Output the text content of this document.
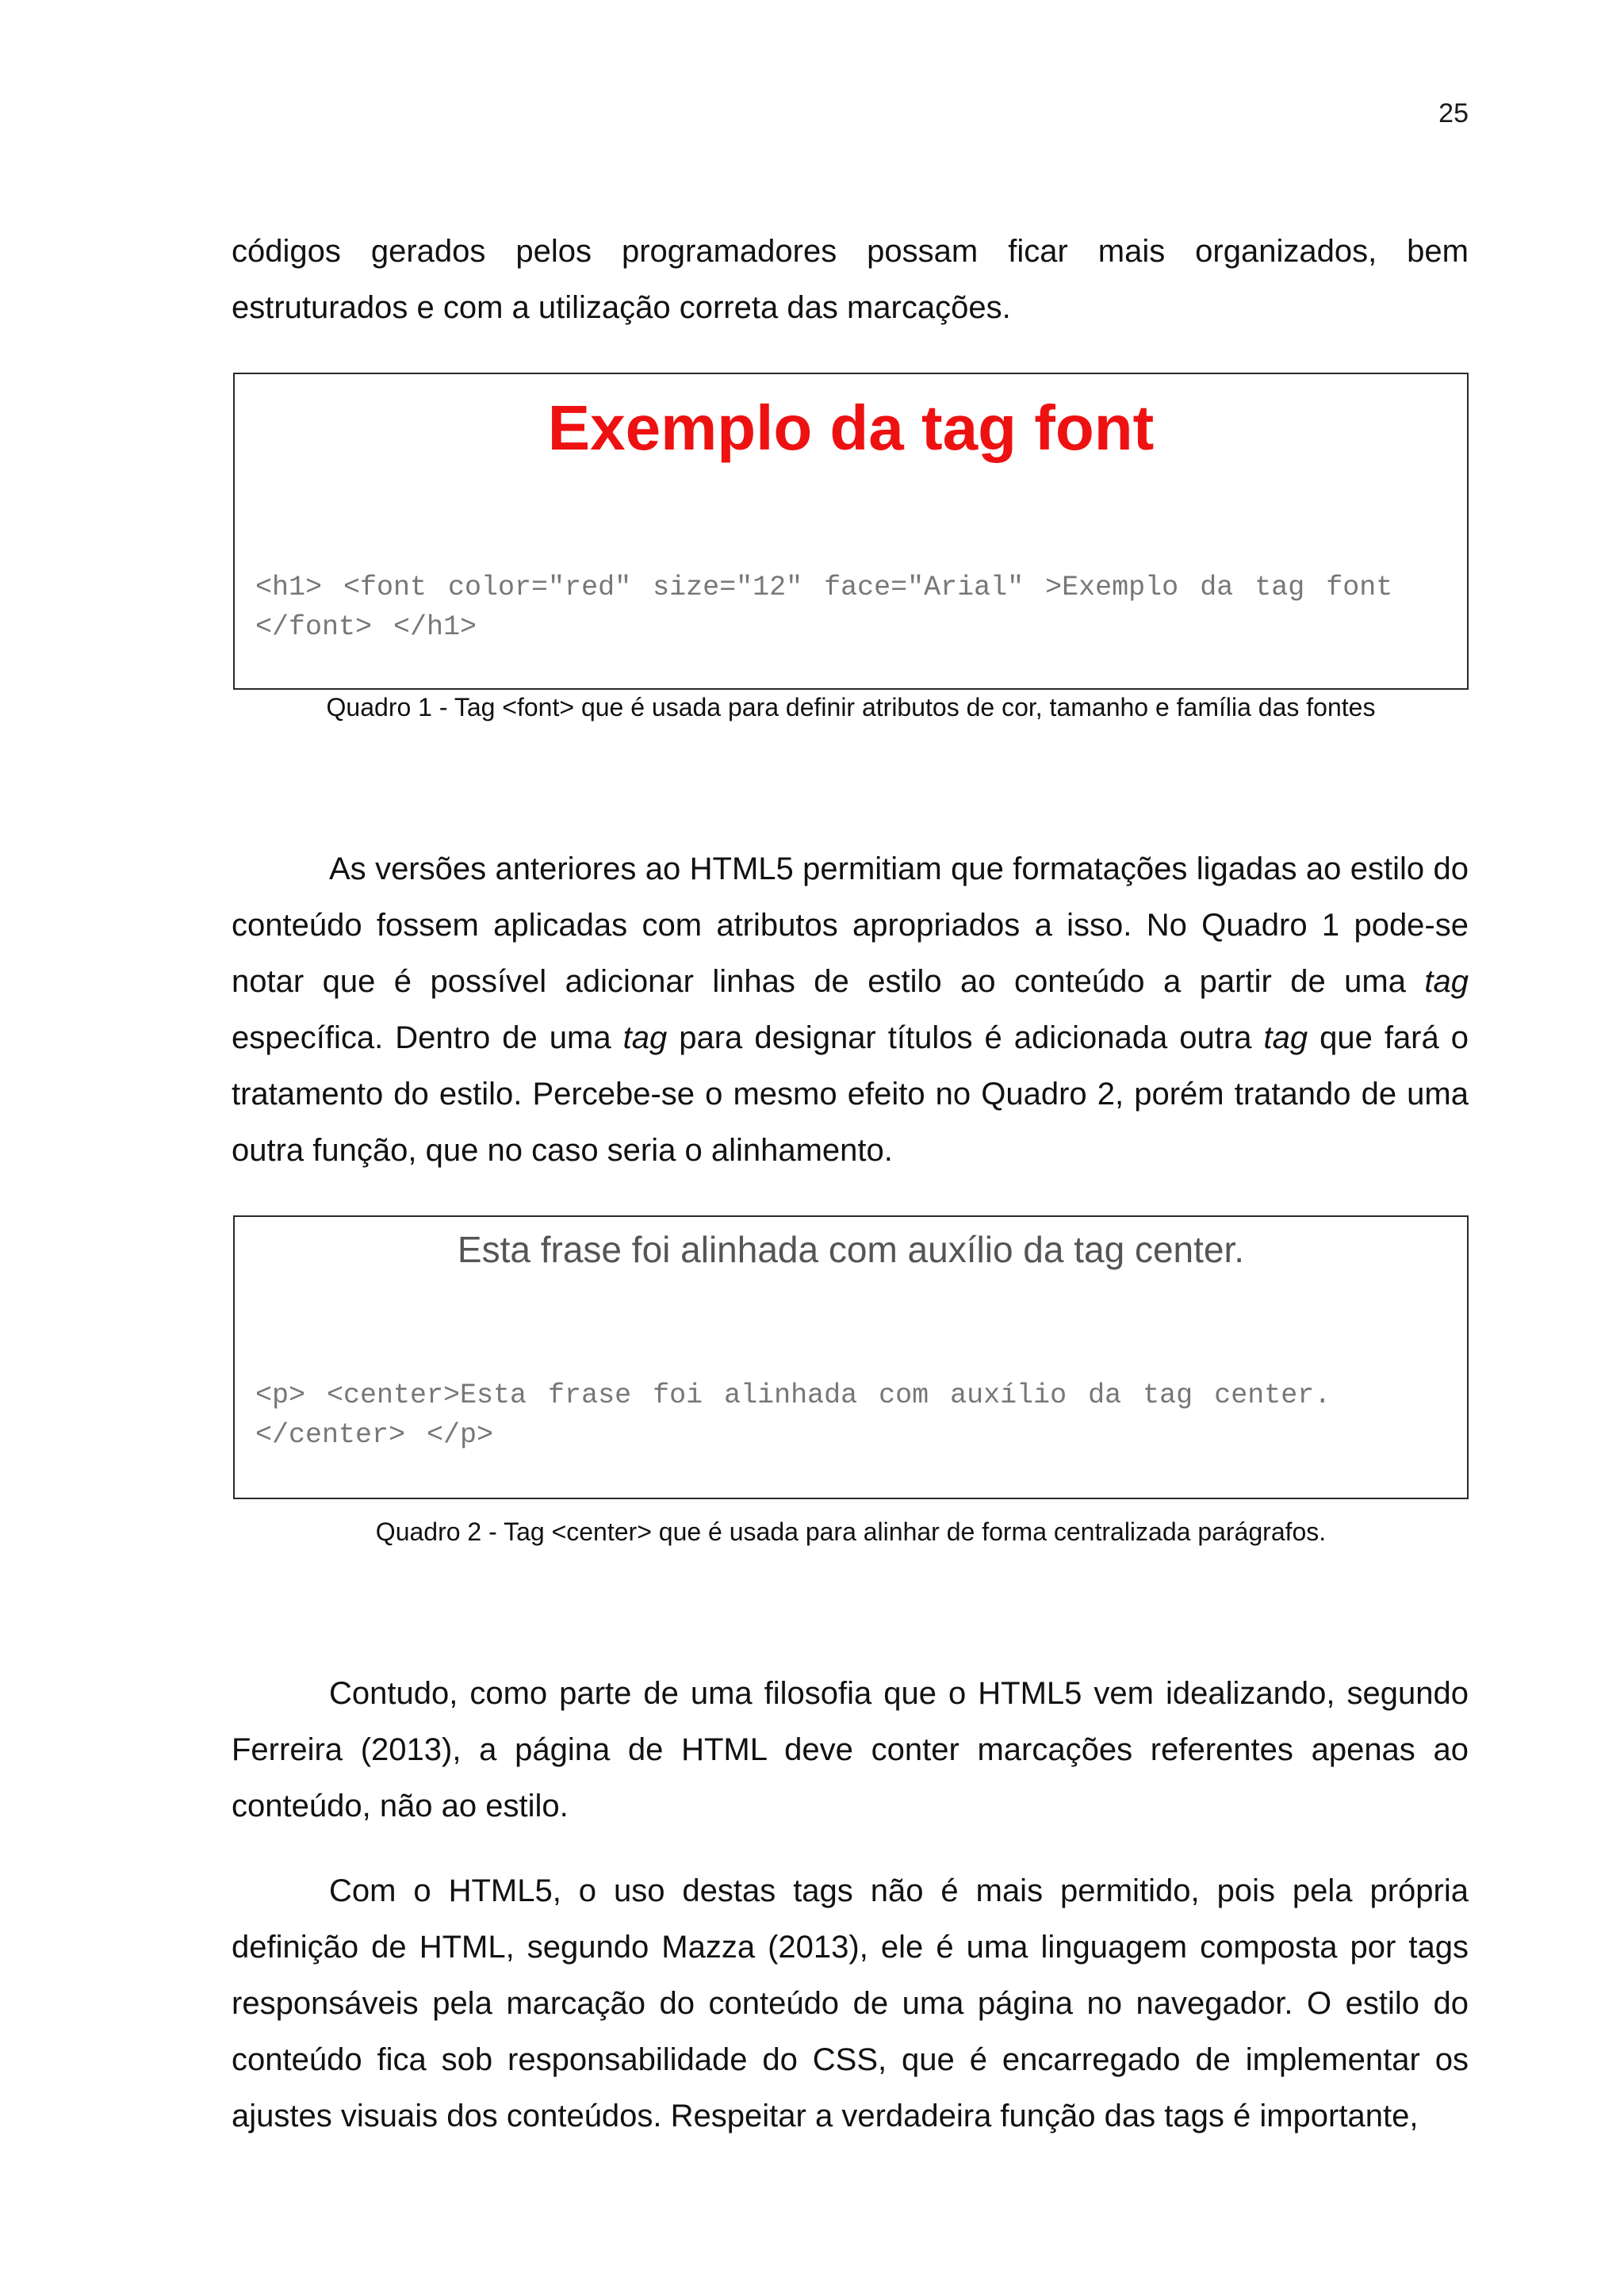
25

códigos gerados pelos programadores possam ficar mais organizados, bem estruturados e com a utilização correta das marcações.

Exemplo da tag font
<h1> <font color="red" size="12" face="Arial" >Exemplo da tag font
</font> </h1>
Quadro 1 - Tag <font> que é usada para definir atributos de cor, tamanho e família das fontes

As versões anteriores ao HTML5 permitiam que formatações ligadas ao estilo do conteúdo fossem aplicadas com atributos apropriados a isso. No Quadro 1 pode-se notar que é possível adicionar linhas de estilo ao conteúdo a partir de uma tag específica. Dentro de uma tag para designar títulos é adicionada outra tag que fará o tratamento do estilo. Percebe-se o mesmo efeito no Quadro 2, porém tratando de uma outra função, que no caso seria o alinhamento.

Esta frase foi alinhada com auxílio da tag center.
<p> <center>Esta frase foi alinhada com auxílio da tag center.
</center> </p>
Quadro 2 - Tag <center> que é usada para alinhar de forma centralizada parágrafos.

Contudo, como parte de uma filosofia que o HTML5 vem idealizando, segundo Ferreira (2013), a página de HTML deve conter marcações referentes apenas ao conteúdo, não ao estilo.

Com o HTML5, o uso destas tags não é mais permitido, pois pela própria definição de HTML, segundo Mazza (2013), ele é uma linguagem composta por tags responsáveis pela marcação do conteúdo de uma página no navegador. O estilo do conteúdo fica sob responsabilidade do CSS, que é encarregado de implementar os ajustes visuais dos conteúdos. Respeitar a verdadeira função das tags é importante,
